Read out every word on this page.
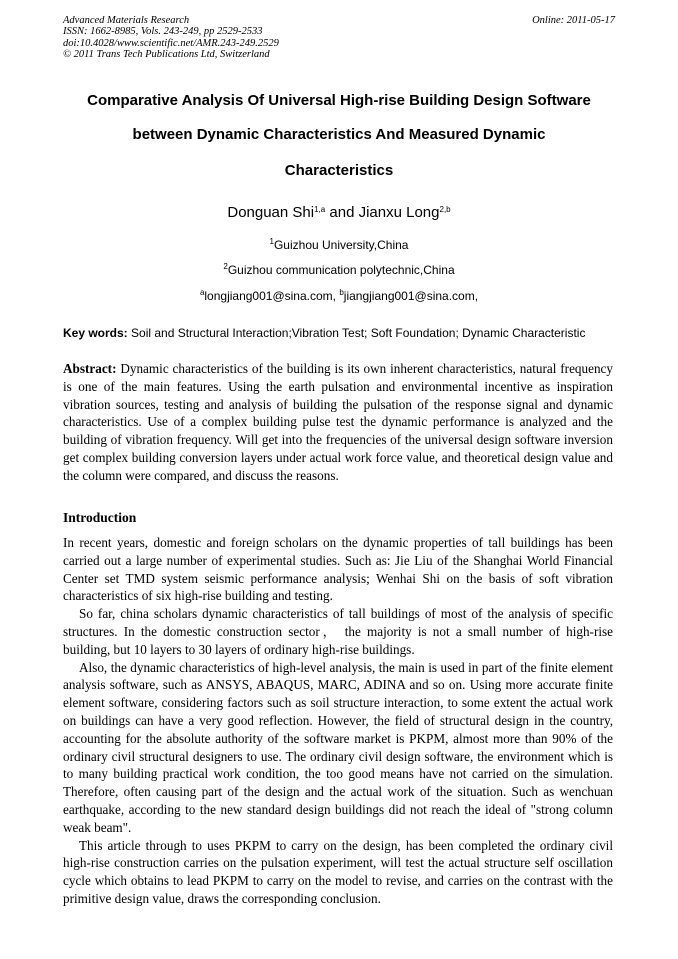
Advanced Materials Research
ISSN: 1662-8985, Vols. 243-249, pp 2529-2533
doi:10.4028/www.scientific.net/AMR.243-249.2529
© 2011 Trans Tech Publications Ltd, Switzerland
Online: 2011-05-17
Comparative Analysis Of Universal High-rise Building Design Software
between Dynamic Characteristics And Measured Dynamic
Characteristics
Donguan Shi$^{1,a}$ and Jianxu Long$^{2,b}$
$^1$Guizhou University,China
$^2$Guizhou communication polytechnic,China
$^a$longjiang001@sina.com, $^b$jiangjiang001@sina.com,
Key words: Soil and Structural Interaction;Vibration Test; Soft Foundation; Dynamic Characteristic
Abstract: Dynamic characteristics of the building is its own inherent characteristics, natural frequency is one of the main features. Using the earth pulsation and environmental incentive as inspiration vibration sources, testing and analysis of building the pulsation of the response signal and dynamic characteristics. Use of a complex building pulse test the dynamic performance is analyzed and the building of vibration frequency. Will get into the frequencies of the universal design software inversion get complex building conversion layers under actual work force value, and theoretical design value and the column were compared, and discuss the reasons.
Introduction

In recent years, domestic and foreign scholars on the dynamic properties of tall buildings has been carried out a large number of experimental studies. Such as: Jie Liu of the Shanghai World Financial Center set TMD system seismic performance analysis; Wenhai Shi on the basis of soft vibration characteristics of six high-rise building and testing.

So far, china scholars dynamic characteristics of tall buildings of most of the analysis of specific structures. In the domestic construction sector， the majority is not a small number of high-rise building, but 10 layers to 30 layers of ordinary high-rise buildings.

Also, the dynamic characteristics of high-level analysis, the main is used in part of the finite element analysis software, such as ANSYS, ABAQUS, MARC, ADINA and so on. Using more accurate finite element software, considering factors such as soil structure interaction, to some extent the actual work on buildings can have a very good reflection. However, the field of structural design in the country, accounting for the absolute authority of the software market is PKPM, almost more than 90% of the ordinary civil structural designers to use. The ordinary civil design software, the environment which is to many building practical work condition, the too good means have not carried on the simulation. Therefore, often causing part of the design and the actual work of the situation. Such as wenchuan earthquake, according to the new standard design buildings did not reach the ideal of "strong column weak beam".

This article through to uses PKPM to carry on the design, has been completed the ordinary civil high-rise construction carries on the pulsation experiment, will test the actual structure self oscillation cycle which obtains to lead PKPM to carry on the model to revise, and carries on the contrast with the primitive design value, draws the corresponding conclusion.
